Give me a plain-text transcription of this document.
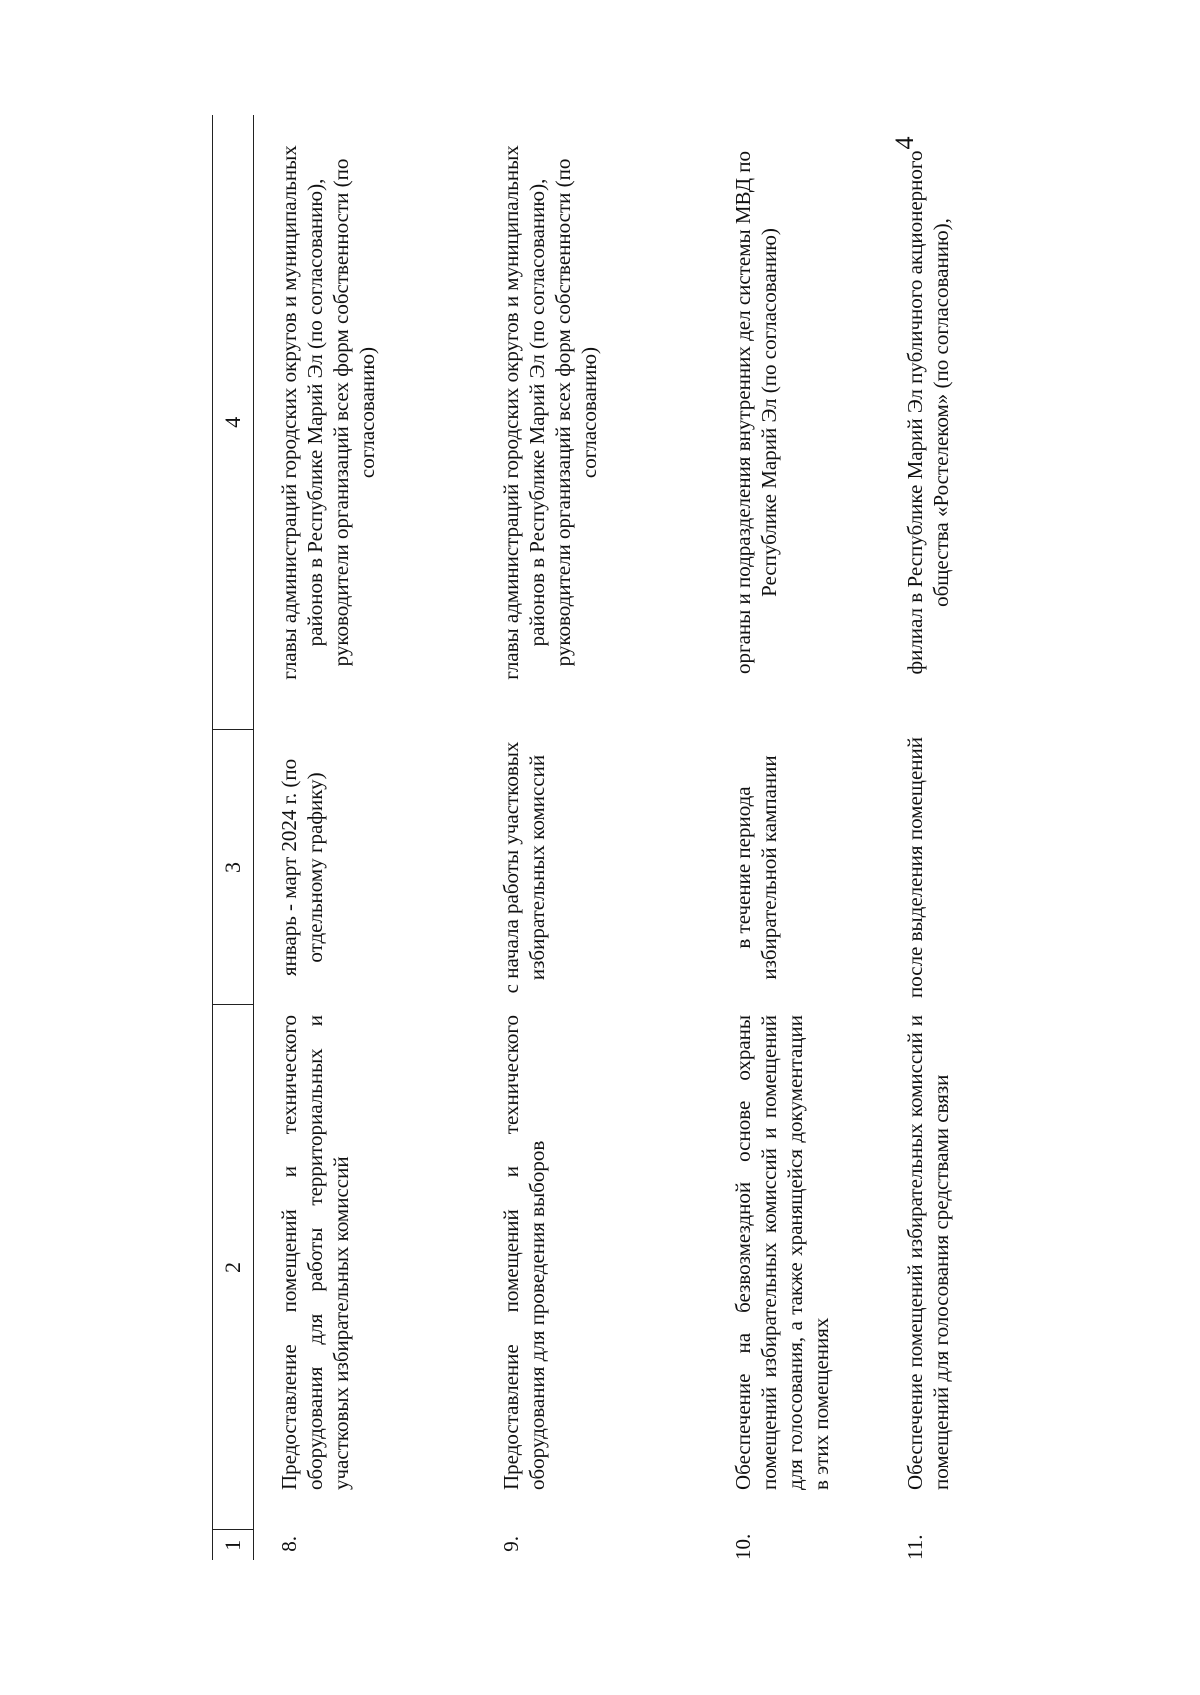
4
1	2	3	4
8.	Предоставление помещений и технического оборудования для работы территориальных и участковых избирательных комиссий	январь - март 2024 г. (по отдельному графику)	главы администраций городских округов и муниципальных районов в Республике Марий Эл (по согласованию), руководители организаций всех форм собственности (по согласованию)

9.	Предоставление помещений и технического оборудования для проведения выборов	с начала работы участковых избирательных комиссий	главы администраций городских округов и муниципальных районов в Республике Марий Эл (по согласованию), руководители организаций всех форм собственности (по согласованию)

10.	Обеспечение на безвозмездной основе охраны помещений избирательных комиссий и помещений для голосования, а также хранящейся документации в этих помещениях	в течение периода избирательной кампании	органы и подразделения внутренних дел системы МВД по Республике Марий Эл (по согласованию)

11.	Обеспечение помещений избирательных комиссий и помещений для голосования средствами связи	после выделения помещений	филиал в Республике Марий Эл публичного акционерного общества «Ростелеком» (по согласованию),
